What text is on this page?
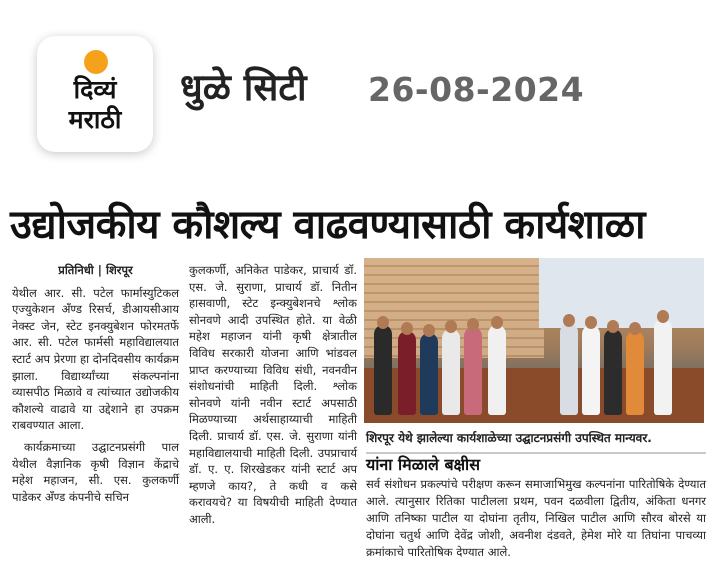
दिव्यं
मराठी
धुळे सिटी 26-08-2024
उद्योजकीय कौशल्य वाढवण्यासाठी कार्यशाळा
प्रतिनिधी | शिरपूर

येथील आर. सी. पटेल फार्मास्युटिकल एज्युकेशन अँण्ड रिसर्च, डीआयसीआय नेक्स्ट जेन, स्टेट इनक्युबेशन फोरमतर्फे आर. सी. पटेल फार्मसी महाविद्यालयात स्टार्ट अप प्रेरणा हा दोनदिवसीय कार्यक्रम झाला. विद्यार्थ्यांच्या संकल्पनांना व्यासपीठ मिळावे व त्यांच्यात उद्योजकीय कौशल्ये वाढावे या उद्देशाने हा उपक्रम राबवण्यात आला.

कार्यक्रमाच्या उद्घाटनप्रसंगी पाल येथील वैज्ञानिक कृषी विज्ञान केंद्राचे महेश महाजन, सी. एस. कुलकर्णी पाडेकर अँण्ड कंपनीचे सचिन

कुलकर्णी, अनिकेत पाडेकर, प्राचार्य डॉ. एस. जे. सुराणा, प्राचार्य डॉ. नितीन हासवाणी, स्टेट इन्क्युबेशनचे श्लोक सोनवणे आदी उपस्थित होते. या वेळी महेश महाजन यांनी कृषी क्षेत्रातील विविध सरकारी योजना आणि भांडवल प्राप्त करण्याच्या विविध संधी, नवनवीन संशोधनांची माहिती दिली. श्लोक सोनवणे यांनी नवीन स्टार्ट अपसाठी मिळण्याच्या अर्थसाहाय्याची माहिती दिली. प्राचार्य डॉ. एस. जे. सुराणा यांनी महाविद्यालयाची माहिती दिली. उपप्राचार्य डॉ. ए. ए. शिरखेडकर यांनी स्टार्ट अप म्हणजे काय?, ते कधी व कसे करावयचे? या विषयीची माहिती देण्यात आली.

शिरपूर येथे झालेल्या कार्यशाळेच्या उद्घाटनप्रसंगी उपस्थित मान्यवर.
यांना मिळाले बक्षीस
सर्व संशोधन प्रकल्पांचे परीक्षण करून समाजाभिमुख कल्पनांना पारितोषिके देण्यात आले. त्यानुसार रितिका पाटीलला प्रथम, पवन दळवीला द्वितीय, अंकिता धनगर आणि तनिष्का पाटील या दोघांना तृतीय, निखिल पाटील आणि सौरव बोरसे या दोघांना चतुर्थ आणि देवेंद्र जोशी, अवनीश दंडवते, हेमेश मोरे या तिघांना पाचव्या क्रमांकाचे पारितोषिक देण्यात आले.
